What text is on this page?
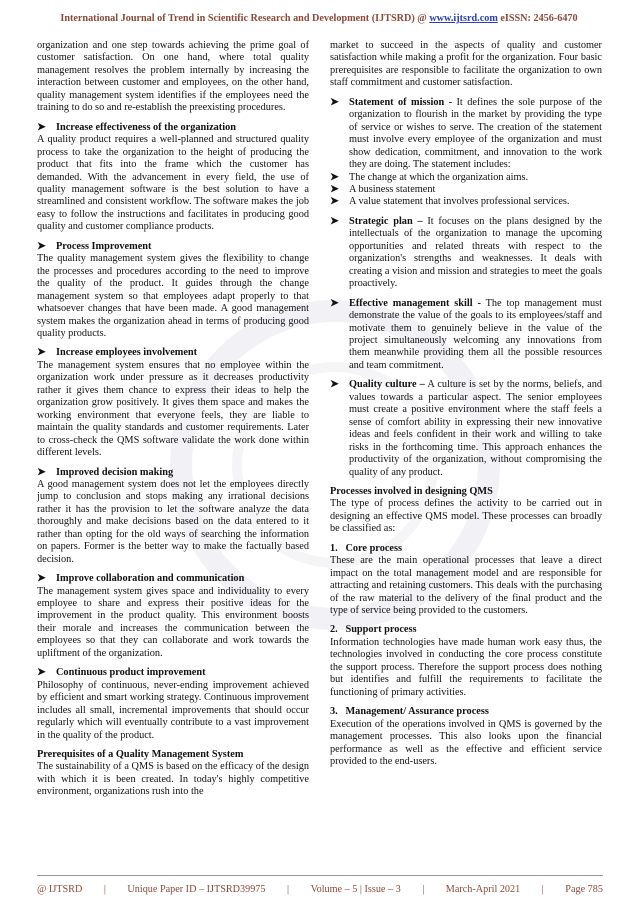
International Journal of Trend in Scientific Research and Development (IJTSRD) @ www.ijtsrd.com eISSN: 2456-6470

organization and one step towards achieving the prime goal of customer satisfaction. On one hand, where total quality management resolves the problem internally by increasing the interaction between customer and employees, on the other hand, quality management system identifies if the employees need the training to do so and re-establish the preexisting procedures.

➤ Increase effectiveness of the organization

A quality product requires a well-planned and structured quality process to take the organization to the height of producing the product that fits into the frame which the customer has demanded. With the advancement in every field, the use of quality management software is the best solution to have a streamlined and consistent workflow. The software makes the job easy to follow the instructions and facilitates in producing good quality and customer compliance products.

➤ Process Improvement

The quality management system gives the flexibility to change the processes and procedures according to the need to improve the quality of the product. It guides through the change management system so that employees adapt properly to that whatsoever changes that have been made. A good management system makes the organization ahead in terms of producing good quality products.

➤ Increase employees involvement

The management system ensures that no employee within the organization work under pressure as it decreases productivity rather it gives them chance to express their ideas to help the organization grow positively. It gives them space and makes the working environment that everyone feels, they are liable to maintain the quality standards and customer requirements. Later to cross-check the QMS software validate the work done within different levels.

➤ Improved decision making

A good management system does not let the employees directly jump to conclusion and stops making any irrational decisions rather it has the provision to let the software analyze the data thoroughly and make decisions based on the data entered to it rather than opting for the old ways of searching the information on papers. Former is the better way to make the factually based decision.

➤ Improve collaboration and communication

The management system gives space and individuality to every employee to share and express their positive ideas for the improvement in the product quality. This environment boosts their morale and increases the communication between the employees so that they can collaborate and work towards the upliftment of the organization.

➤ Continuous product improvement

Philosophy of continuous, never-ending improvement achieved by efficient and smart working strategy. Continuous improvement includes all small, incremental improvements that should occur regularly which will eventually contribute to a vast improvement in the quality of the product.

Prerequisites of a Quality Management System

The sustainability of a QMS is based on the efficacy of the design with which it is been created. In today's highly competitive environment, organizations rush into the

market to succeed in the aspects of quality and customer satisfaction while making a profit for the organization. Four basic prerequisites are responsible to facilitate the organization to own staff commitment and customer satisfaction.

➤ Statement of mission - It defines the sole purpose of the organization to flourish in the market by providing the type of service or wishes to serve. The creation of the statement must involve every employee of the organization and must show dedication, commitment, and innovation to the work they are doing. The statement includes:

➤ The change at which the organization aims.

➤ A business statement

➤ A value statement that involves professional services.

➤ Strategic plan – It focuses on the plans designed by the intellectuals of the organization to manage the upcoming opportunities and related threats with respect to the organization's strengths and weaknesses. It deals with creating a vision and mission and strategies to meet the goals proactively.

➤ Effective management skill - The top management must demonstrate the value of the goals to its employees/staff and motivate them to genuinely believe in the value of the project simultaneously welcoming any innovations from them meanwhile providing them all the possible resources and team commitment.

➤ Quality culture – A culture is set by the norms, beliefs, and values towards a particular aspect. The senior employees must create a positive environment where the staff feels a sense of comfort ability in expressing their new innovative ideas and feels confident in their work and willing to take risks in the forthcoming time. This approach enhances the productivity of the organization, without compromising the quality of any product.

Processes involved in designing QMS

The type of process defines the activity to be carried out in designing an effective QMS model. These processes can broadly be classified as:

1. Core process

These are the main operational processes that leave a direct impact on the total management model and are responsible for attracting and retaining customers. This deals with the purchasing of the raw material to the delivery of the final product and the type of service being provided to the customers.

2. Support process

Information technologies have made human work easy thus, the technologies involved in conducting the core process constitute the support process. Therefore the support process does nothing but identifies and fulfill the requirements to facilitate the functioning of primary activities.

3. Management/ Assurance process

Execution of the operations involved in QMS is governed by the management processes. This also looks upon the financial performance as well as the effective and efficient service provided to the end-users.

@ IJTSRD | Unique Paper ID – IJTSRD39975 | Volume – 5 | Issue – 3 | March-April 2021 | Page 785
